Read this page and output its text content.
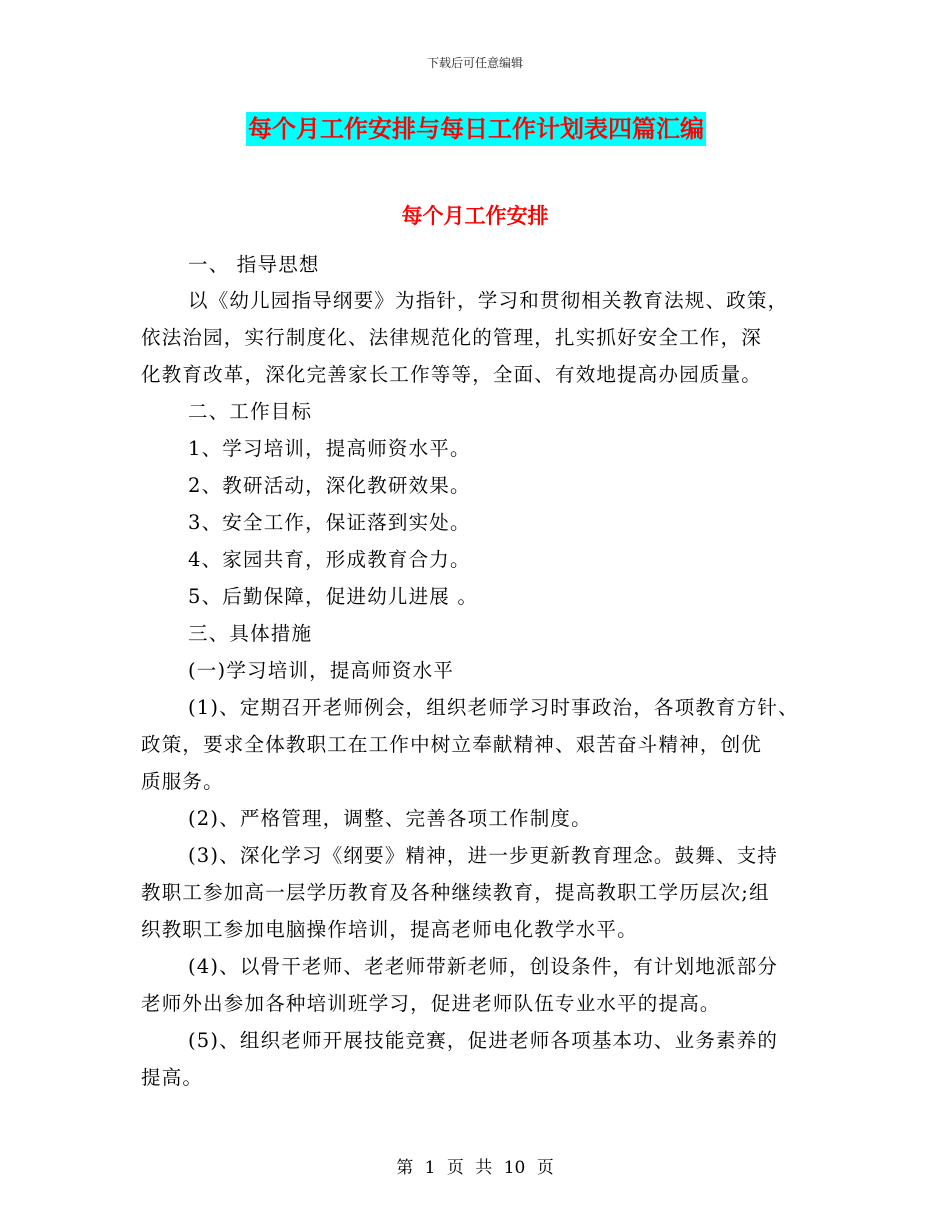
下载后可任意编辑
每个月工作安排与每日工作计划表四篇汇编
每个月工作安排
一、 指导思想
以《幼儿园指导纲要》为指针，学习和贯彻相关教育法规、政策，
依法治园，实行制度化、法律规范化的管理，扎实抓好安全工作，深
化教育改革，深化完善家长工作等等，全面、有效地提高办园质量。
二、工作目标
1、学习培训，提高师资水平。
2、教研活动，深化教研效果。
3、安全工作，保证落到实处。
4、家园共育，形成教育合力。
5、后勤保障，促进幼儿进展 。
三、具体措施
(一)学习培训，提高师资水平
(1)、定期召开老师例会，组织老师学习时事政治，各项教育方针、
政策，要求全体教职工在工作中树立奉献精神、艰苦奋斗精神，创优
质服务。
(2)、严格管理，调整、完善各项工作制度。
(3)、深化学习《纲要》精神，进一步更新教育理念。鼓舞、支持
教职工参加高一层学历教育及各种继续教育，提高教职工学历层次;组
织教职工参加电脑操作培训，提高老师电化教学水平。
(4)、以骨干老师、老老师带新老师，创设条件，有计划地派部分
老师外出参加各种培训班学习，促进老师队伍专业水平的提高。
(5)、组织老师开展技能竞赛，促进老师各项基本功、业务素养的
提高。
第 1 页 共 10 页
